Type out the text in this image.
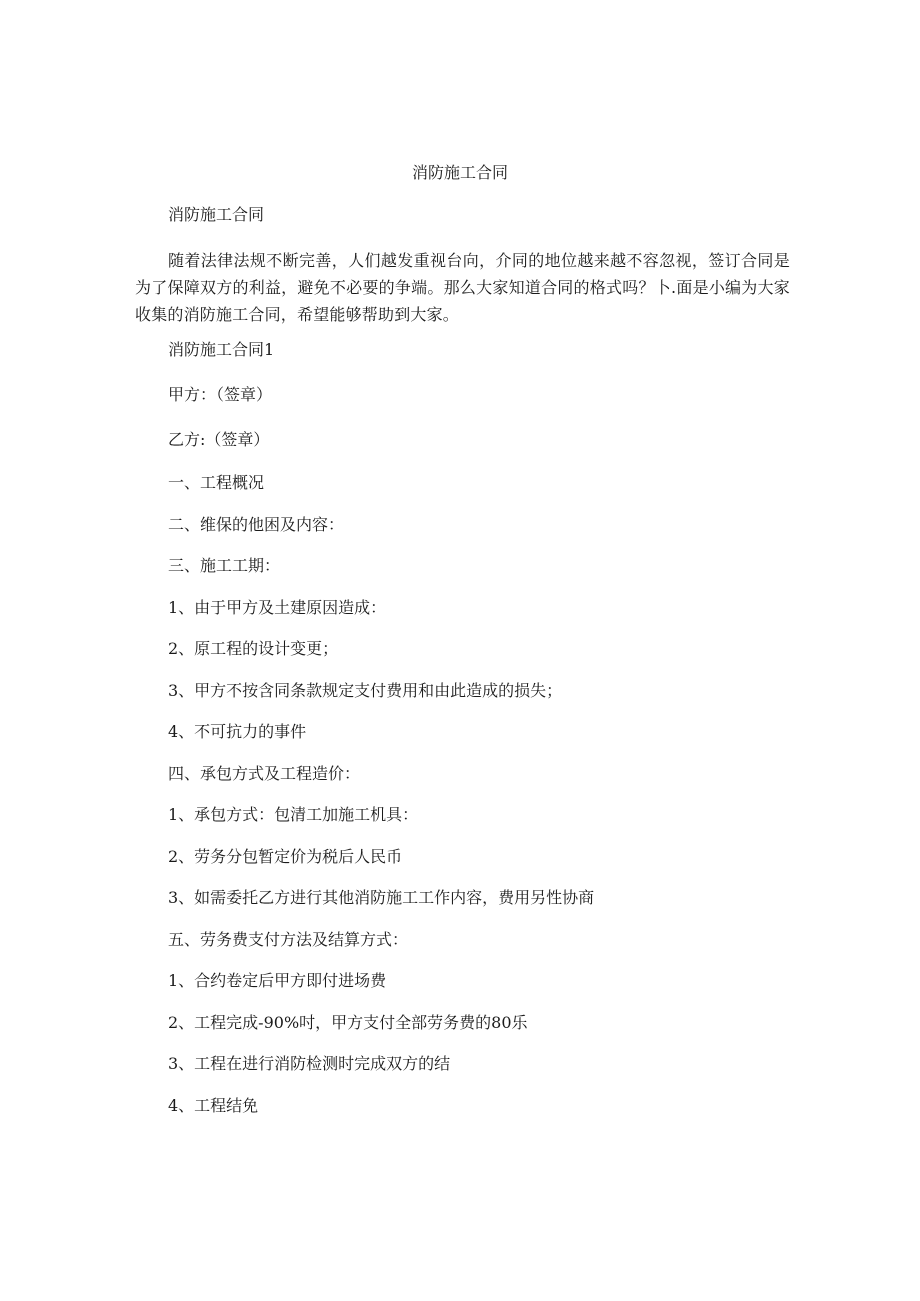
消防施工合同
消防施工合同
随着法律法规不断完善，人们越发重视台向，介同的地位越来越不容忽视，签订合同是为了保障双方的利益，避免不必要的争端。那么大家知道合同的格式吗？卜.面是小编为大家收集的消防施工合同，希望能够帮助到大家。
消防施工合同1
甲方：（签章）
乙方:（签章）
一、工程概况
二、维保的他困及内容：
三、施工工期：
1、由于甲方及土建原因造成：
2、原工程的设计变更；
3、甲方不按含同条款规定支付费用和由此造成的损失；
4、不可抗力的事件
四、承包方式及工程造价：
1、承包方式：包清工加施工机具：
2、劳务分包暂定价为税后人民币
3、如需委托乙方进行其他消防施工工作内容，费用另性协商
五、劳务费支付方法及结算方式：
1、合约卷定后甲方即付进场费
2、工程完成-90%吋，甲方支付全部劳务费的80乐
3、工程在进行消防检测时完成双方的结
4、工程结免
